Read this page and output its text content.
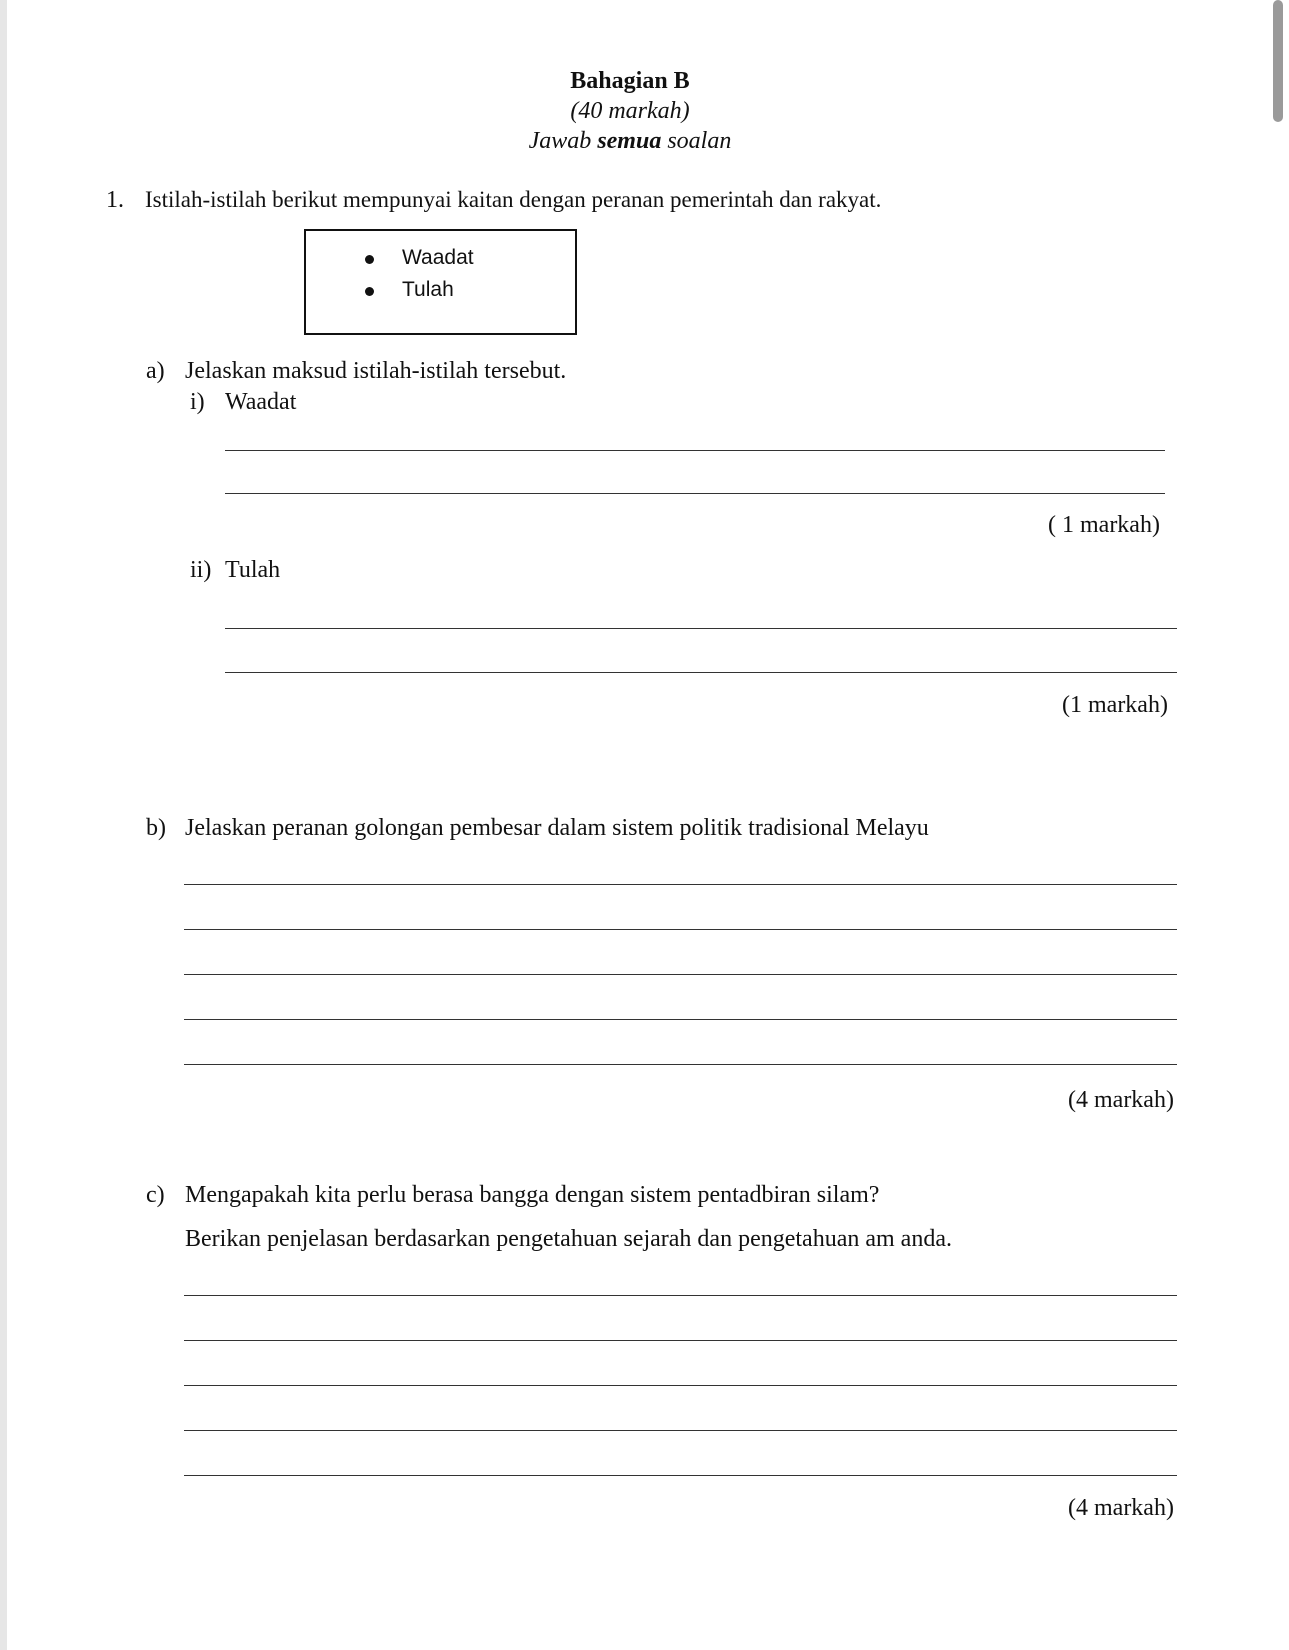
Bahagian B
(40 markah)
Jawab semua soalan
1. Istilah-istilah berikut mempunyai kaitan dengan peranan pemerintah dan rakyat.
Waadat
Tulah
a) Jelaskan maksud istilah-istilah tersebut.
i) Waadat
( 1 markah)
ii) Tulah
(1 markah)
b) Jelaskan peranan golongan pembesar dalam sistem politik tradisional Melayu
(4 markah)
c) Mengapakah kita perlu berasa bangga dengan sistem pentadbiran silam?
Berikan penjelasan berdasarkan pengetahuan sejarah dan pengetahuan am anda.
(4 markah)
